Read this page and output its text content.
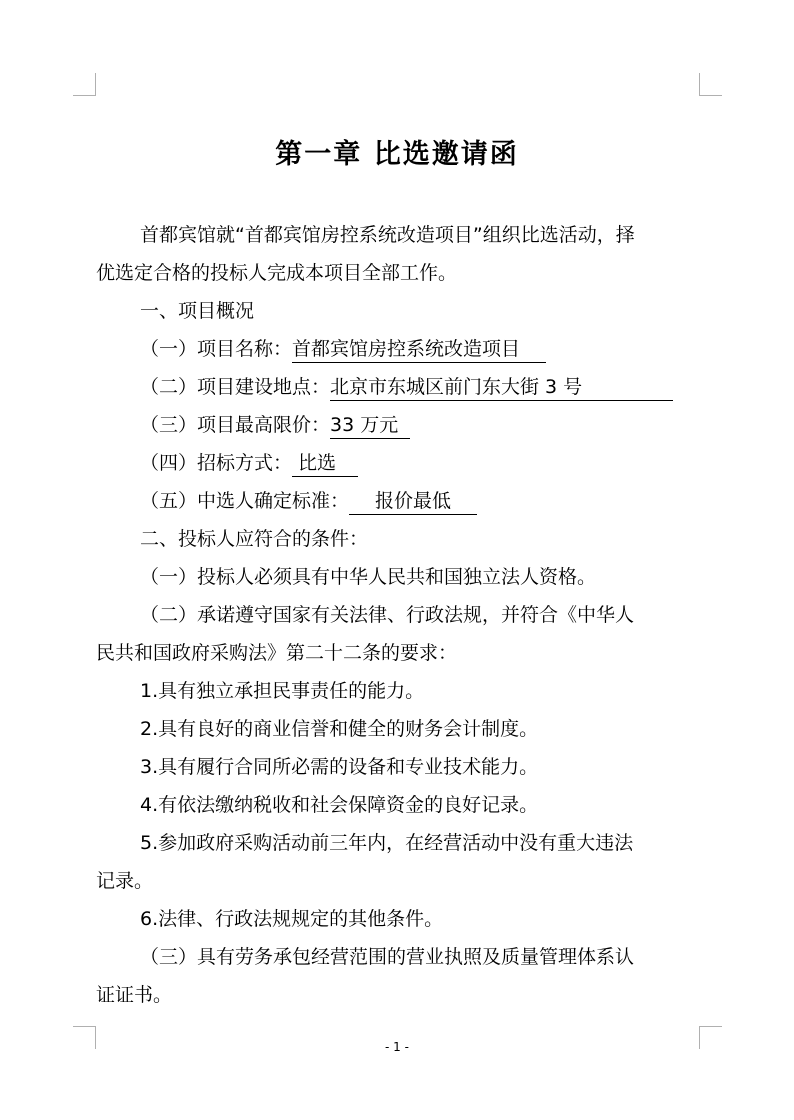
第一章 比选邀请函

首都宾馆就“首都宾馆房控系统改造项目”组织比选活动，择

优选定合格的投标人完成本项目全部工作。

一、项目概况

（一）项目名称：首都宾馆房控系统改造项目

（二）项目建设地点：北京市东城区前门东大街 3 号

（三）项目最高限价：33 万元

（四）招标方式： 比选

（五）中选人确定标准： 报价最低

二、投标人应符合的条件：

（一）投标人必须具有中华人民共和国独立法人资格。

（二）承诺遵守国家有关法律、行政法规，并符合《中华人

民共和国政府采购法》第二十二条的要求：

1.具有独立承担民事责任的能力。

2.具有良好的商业信誉和健全的财务会计制度。

3.具有履行合同所必需的设备和专业技术能力。

4.有依法缴纳税收和社会保障资金的良好记录。

5.参加政府采购活动前三年内，在经营活动中没有重大违法

记录。

6.法律、行政法规规定的其他条件。

（三）具有劳务承包经营范围的营业执照及质量管理体系认

证证书。

- 1 -
